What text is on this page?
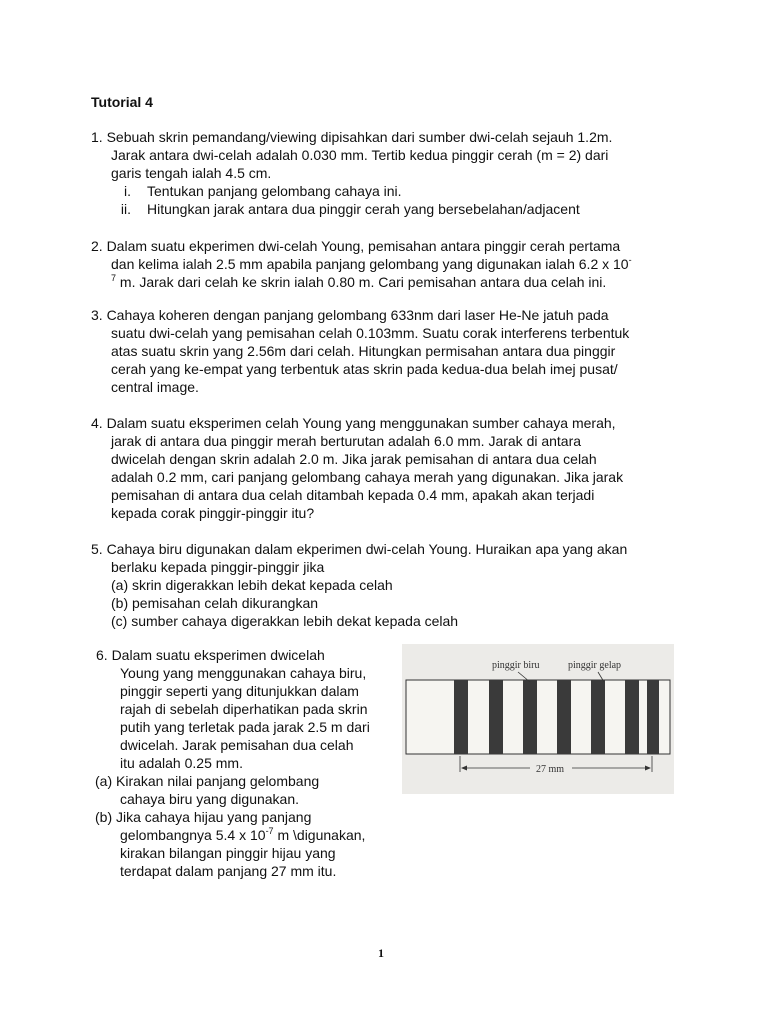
Tutorial 4
1. Sebuah skrin pemandang/viewing dipisahkan dari sumber dwi-celah sejauh 1.2m.
Jarak antara dwi-celah adalah 0.030 mm. Tertib kedua pinggir cerah (m = 2) dari
garis tengah ialah 4.5 cm.
i. Tentukan panjang gelombang cahaya ini.
ii. Hitungkan jarak antara dua pinggir cerah yang bersebelahan/adjacent
2. Dalam suatu ekperimen dwi-celah Young, pemisahan antara pinggir cerah pertama
dan kelima ialah 2.5 mm apabila panjang gelombang yang digunakan ialah 6.2 x 10-
$^7$ m. Jarak dari celah ke skrin ialah 0.80 m. Cari pemisahan antara dua celah ini.
3. Cahaya koheren dengan panjang gelombang 633nm dari laser He-Ne jatuh pada
suatu dwi-celah yang pemisahan celah 0.103mm. Suatu corak interferens terbentuk
atas suatu skrin yang 2.56m dari celah. Hitungkan permisahan antara dua pinggir
cerah yang ke-empat yang terbentuk atas skrin pada kedua-dua belah imej pusat/
central image.
4. Dalam suatu eksperimen celah Young yang menggunakan sumber cahaya merah,
jarak di antara dua pinggir merah berturutan adalah 6.0 mm. Jarak di antara
dwicelah dengan skrin adalah 2.0 m. Jika jarak pemisahan di antara dua celah
adalah 0.2 mm, cari panjang gelombang cahaya merah yang digunakan. Jika jarak
pemisahan di antara dua celah ditambah kepada 0.4 mm, apakah akan terjadi
kepada corak pinggir-pinggir itu?
5. Cahaya biru digunakan dalam ekperimen dwi-celah Young. Huraikan apa yang akan
berlaku kepada pinggir-pinggir jika
(a) skrin digerakkan lebih dekat kepada celah
(b) pemisahan celah dikurangkan
(c) sumber cahaya digerakkan lebih dekat kepada celah
6. Dalam suatu eksperimen dwicelah
Young yang menggunakan cahaya biru,
pinggir seperti yang ditunjukkan dalam
rajah di sebelah diperhatikan pada skrin
putih yang terletak pada jarak 2.5 m dari
dwicelah. Jarak pemisahan dua celah
itu adalah 0.25 mm.
(a) Kirakan nilai panjang gelombang
cahaya biru yang digunakan.
(b) Jika cahaya hijau yang panjang
gelombangnya 5.4 x $10^{-7}$ m \digunakan,
kirakan bilangan pinggir hijau yang
terdapat dalam panjang 27 mm itu.
pinggir biru	pinggir gelap
27 mm
1
